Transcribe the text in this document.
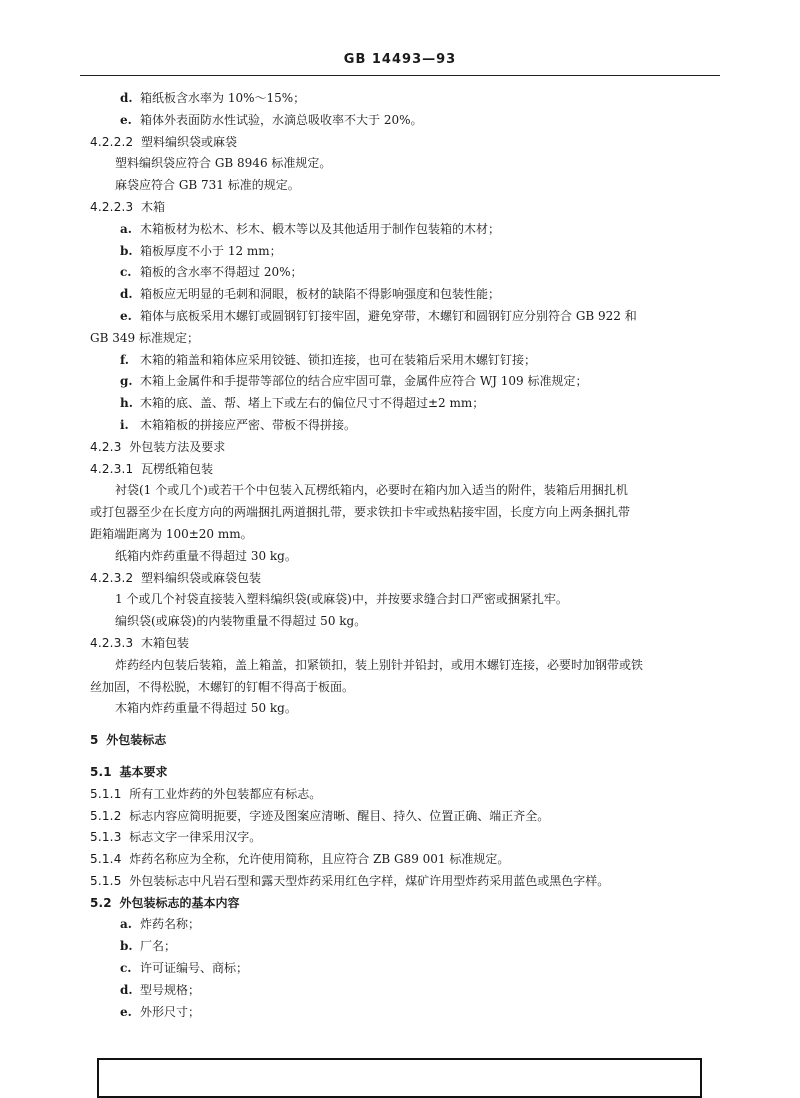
GB 14493—93
d. 箱纸板含水率为 10%～15%；
e. 箱体外表面防水性试验，水滴总吸收率不大于 20%。
4.2.2.2 塑料编织袋或麻袋
塑料编织袋应符合 GB 8946 标准规定。
麻袋应符合 GB 731 标准的规定。
4.2.2.3 木箱
a. 木箱板材为松木、杉木、椴木等以及其他适用于制作包装箱的木材；
b. 箱板厚度不小于 12 mm；
c. 箱板的含水率不得超过 20%；
d. 箱板应无明显的毛刺和洞眼，板材的缺陷不得影响强度和包装性能；
e. 箱体与底板采用木螺钉或圆钢钉钉接牢固，避免穿带，木螺钉和圆钢钉应分别符合 GB 922 和
GB 349 标准规定；
f. 木箱的箱盖和箱体应采用铰链、锁扣连接，也可在装箱后采用木螺钉钉接；
g. 木箱上金属件和手提带等部位的结合应牢固可靠，金属件应符合 WJ 109 标准规定；
h. 木箱的底、盖、帮、堵上下或左右的偏位尺寸不得超过±2 mm；
i. 木箱箱板的拼接应严密、带板不得拼接。
4.2.3 外包装方法及要求
4.2.3.1 瓦楞纸箱包装
衬袋(1 个或几个)或若干个中包装入瓦楞纸箱内，必要时在箱内加入适当的附件，装箱后用捆扎机
或打包器至少在长度方向的两端捆扎两道捆扎带，要求铁扣卡牢或热粘接牢固，长度方向上两条捆扎带
距箱端距离为 100±20 mm。
纸箱内炸药重量不得超过 30 kg。
4.2.3.2 塑料编织袋或麻袋包装
1 个或几个衬袋直接装入塑料编织袋(或麻袋)中，并按要求缝合封口严密或捆紧扎牢。
编织袋(或麻袋)的内装物重量不得超过 50 kg。
4.2.3.3 木箱包装
炸药经内包装后装箱，盖上箱盖，扣紧锁扣，装上别针并铅封，或用木螺钉连接，必要时加钢带或铁
丝加固，不得松脱，木螺钉的钉帽不得高于板面。
木箱内炸药重量不得超过 50 kg。
5 外包装标志
5.1 基本要求
5.1.1 所有工业炸药的外包装都应有标志。
5.1.2 标志内容应简明扼要，字迹及图案应清晰、醒目、持久、位置正确、端正齐全。
5.1.3 标志文字一律采用汉字。
5.1.4 炸药名称应为全称，允许使用简称，且应符合 ZB G89 001 标准规定。
5.1.5 外包装标志中凡岩石型和露天型炸药采用红色字样，煤矿许用型炸药采用蓝色或黑色字样。
5.2 外包装标志的基本内容
a. 炸药名称；
b. 厂名；
c. 许可证编号、商标；
d. 型号规格；
e. 外形尺寸；
